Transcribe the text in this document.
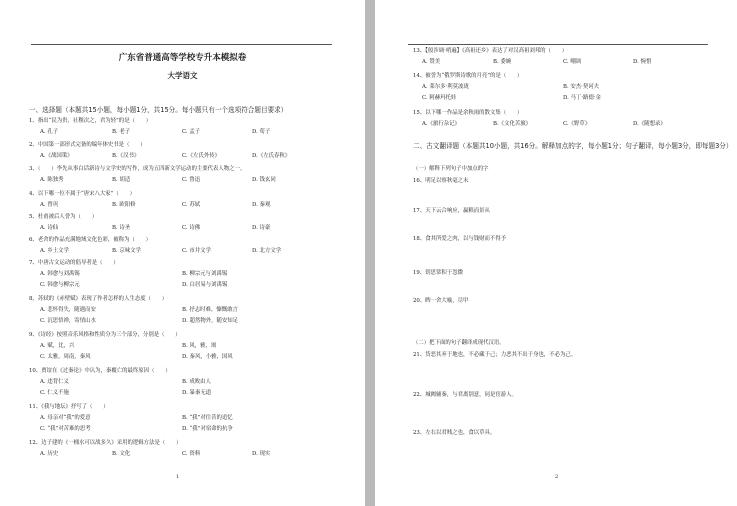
广东省普通高等学校专升本模拟卷
大学语文
一、选择题（本题共15小题，每小题1分，共15分。每小题只有一个选项符合题目要求）
1
1、指出“民为贵，社稷次之，君为轻”的是（　　）
A. 孔子	B. 老子	C. 孟子	D. 荀子
2、中国第一部形式完备的编年体史书是（　　）
A.《战国策》	B.《汉书》	C.《左氏外传》	D.《左氏春秋》
3、（　　）李先从事白话新诗与文学史的写作，成为五四新文学运动的主要代表人物之一。
A. 陈独秀	B. 胡适	C. 鲁迅	D. 钱玄同
4、以下哪一位不属于“唐宋八大家”（　　）
A. 曾巩	B. 欧阳修	C. 苏轼	D. 秦观
5、杜甫被后人誉为（　　）
A. 诗仙	B. 诗圣	C. 诗佛	D. 诗豪
6、老舍的作品充满地域文化色彩，被称为（　　）
A. 乡土文学	B. 京味文学	C. 市井文学	D. 北方文学
7、中唐古文运动的倡导者是（　　）
A. 韩愈与刘禹锡	B. 柳宗元与刘禹锡
C. 韩愈与柳宗元	D. 白居易与刘禹锡
8、苏轼的《赤壁赋》表现了作者怎样的人生态度（　　）
A. 悲怀得失，随遇而安	B. 抒志时难，慷慨敢言
C. 沉思悟禅，寄情山水	D. 超然物外，随安知足
9、《诗经》按照音乐风格和性质分为三个部分，分别是（　　）
A. 赋，比，兴	B. 风，雅，颂
C. 太雅，周南，秦风	D. 秦风，小雅，国风
10、贾谊在《过秦论》中认为，秦覆亡的最终原因（　　）
A. 违背仁义	B. 成败由人
C. 仁义不施	D. 暴秦无道
11、《我与地坛》抒写了（　　）
A. 母亲对“我”的爱意	B. “我”对往昔的追忆
C. “我”对苦难的思考	D. “我”对宿命的抗争
12、边子建的《一桶水可以战多久》采用的逻辑方法是（　　）
A. 历史	B. 文化	C. 资料	D. 现实
二、古文翻译题（本题共10小题，共16分。解释加点的字，每小题1分；句子翻译，每小题3分，即每题3分）
（一）解释下列句子中加点的字
（二）把下面的句子翻译成现代汉语。
2
13、【般涉调·哨遍】《高祖还乡》表达了对汉高祖刘邦的（　　）
A. 赞美	B. 委婉	C. 嘲讽	D. 惋惜
14、被誉为“俄罗斯诗歌的月亮”的是（　　）
A. 莱尔多·利莫波珑	B. 安杰·契诃夫
C. 阿赫玛托娃	D. 马丁·路德·金
15、以下哪一作品是余秋雨的散文集（　　）
A.《旅行杂记》	B.《文化苦旅》	C.《野草》	D.《随想录》
16、明足以察秋毫之末
17、天下云合响应，赢粮而景从
18、食其所爱之肉，以与钱财而不得予
19、钥思常积于忽微
20、睥一舍大喻，尽甲
21、货恶其弃于地也，不必藏于己；力恶其不出于身也，不必为己。
22、城阙辅秦，与君离别意，同是宦游人。
23、左右以君贱之也，食以草具。
